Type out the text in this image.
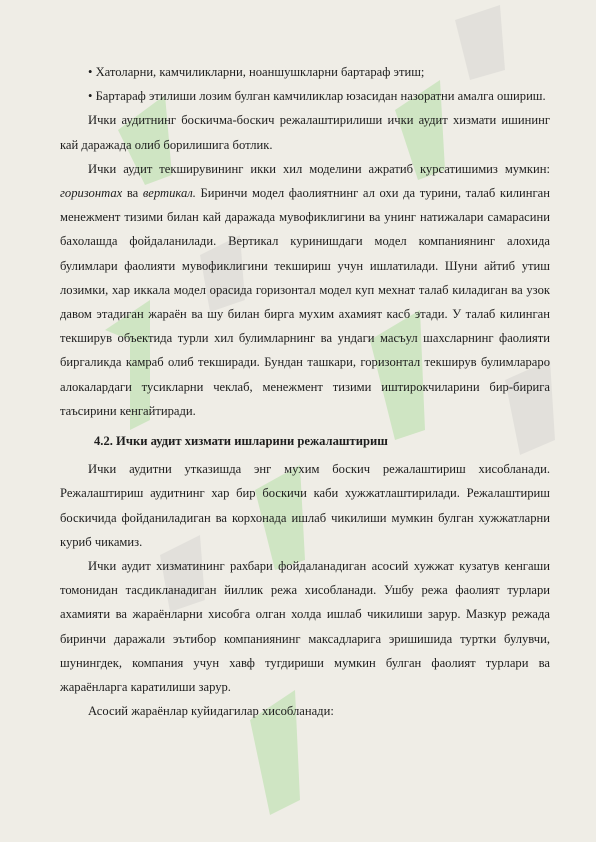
• Хатоларни, камчиликларни, ноаншушкларни бартараф этиш;

• Бартараф этилиши лозим булган камчиликлар юзасидан назоратни амалга ошириш.

Ички аудитнинг боскичма-боскич режалаштирилиши ички аудит хизмати ишининг кай даражада олиб борилишига ботлик.

Ички аудит текширувининг икки хил моделини ажратиб курсатишимиз мумкин: горизонтах ва вертикал. Биринчи модел фаолиятнинг ал охи да турини, талаб килинган менежмент тизими билан кай даражада мувофиклигини ва унинг натижалари самарасини бахолашда фойдаланилади. Вертикал куринишдаги модел компаниянинг алохида булимлари фаолияти мувофиклигини текшириш учун ишлатилади. Шуни айтиб утиш лозимки, хар иккала модел орасида горизонтал модел куп мехнат талаб киладиган ва узок давом этадиган жараён ва шу билан бирга мухим ахамият касб этади. У талаб килинган текширув объектида турли хил булимларнинг ва ундаги масъул шахсларнинг фаолияти биргаликда камраб олиб текширади. Бундан ташкари, горизонтал текширув булимлараро алокалардаги тусикларни чеклаб, менежмент тизими иштирокчиларини бир-бирига таъсирини кенгайтиради.

4.2. Ички аудит хизмати ишларини режалаштириш

Ички аудитни утказишда энг мухим боскич режалаштириш хисобланади. Режалаштириш аудитнинг хар бир боскичи каби хужжатлаштирилади. Режалаштириш боскичида фойданиладиган ва корхонада ишлаб чикилиши мумкин булган хужжатларни куриб чикамиз.

Ички аудит хизматининг рахбари фойдаланадиган асосий хужжат кузатув кенгаши томонидан тасдикланадиган йиллик режа хисобланади. Ушбу режа фаолият турлари ахамияти ва жараёнларни хисобга олган холда ишлаб чикилиши зарур. Мазкур режада биринчи даражали эътибор компаниянинг максадларига эришишида туртки булувчи, шунингдек, компания учун хавф тугдириши мумкин булган фаолият турлари ва жараёнларга каратилиши зарур.

Асосий жараёнлар куйидагилар хисобланади:
